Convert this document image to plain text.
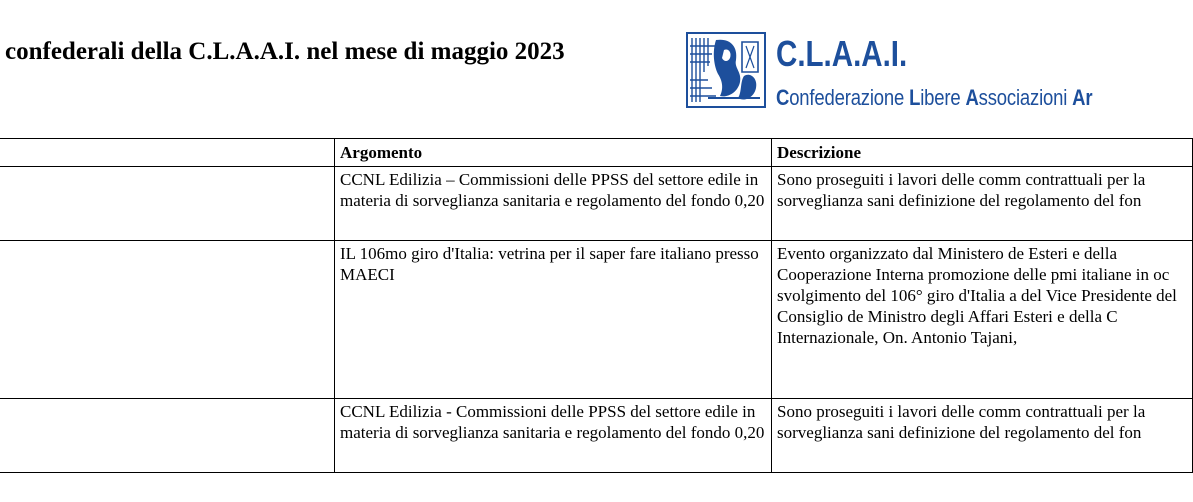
confederali della C.L.A.A.I. nel mese di maggio 2023	C.L.A.A.I.
Confederazione Libere Associazioni Ar
	Argomento	Descrizione
	CCNL Edilizia – Commissioni delle PPSS del settore edile in materia di sorveglianza sanitaria e regolamento del fondo 0,20	Sono proseguiti i lavori delle comm contrattuali per la sorveglianza sani definizione del regolamento del fon
	IL 106mo giro d'Italia: vetrina per il saper fare italiano presso MAECI	Evento organizzato dal Ministero de Esteri e della Cooperazione Interna promozione delle pmi italiane in oc svolgimento del 106° giro d'Italia a del Vice Presidente del Consiglio de Ministro degli Affari Esteri e della C Internazionale, On. Antonio Tajani,
	CCNL Edilizia - Commissioni delle PPSS del settore edile in materia di sorveglianza sanitaria e regolamento del fondo 0,20	Sono proseguiti i lavori delle comm contrattuali per la sorveglianza sani definizione del regolamento del fon
